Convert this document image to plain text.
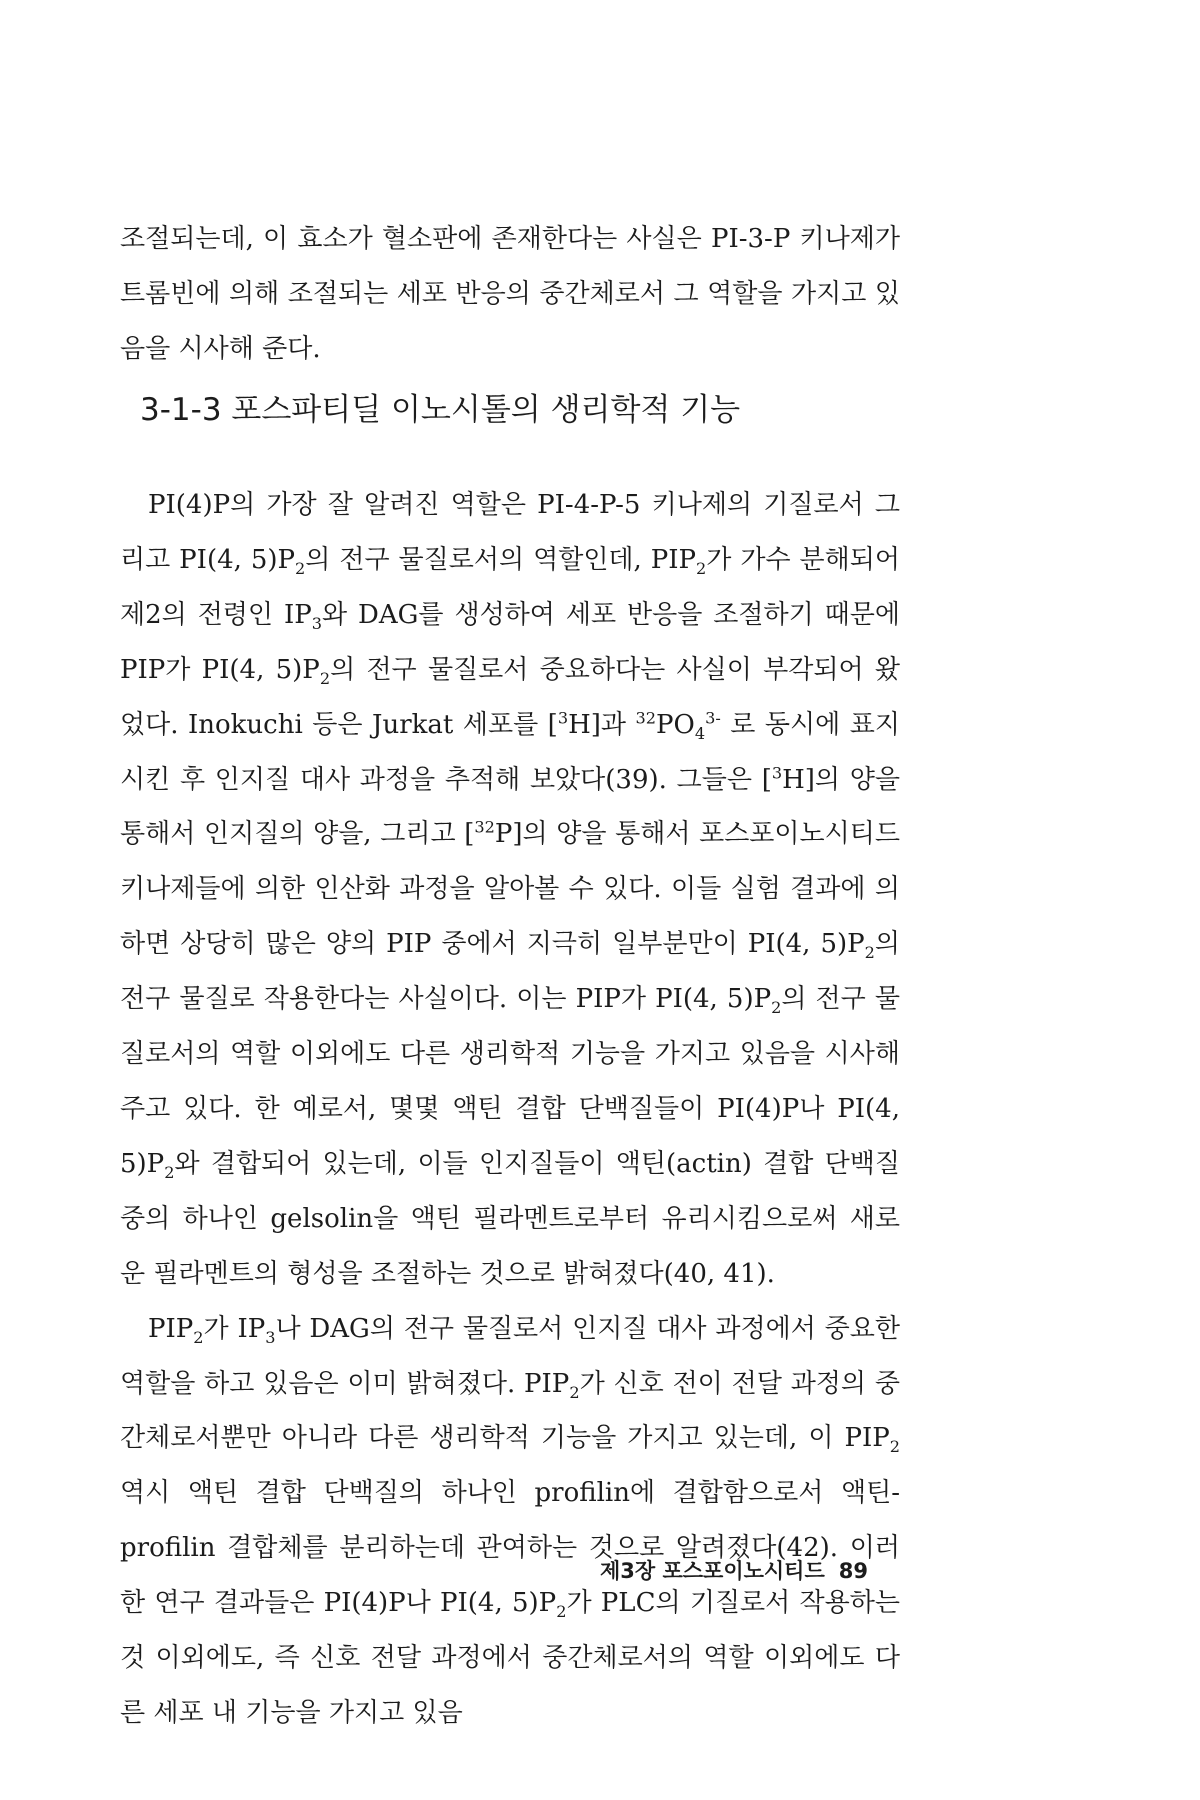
조절되는데, 이 효소가 혈소판에 존재한다는 사실은 PI-3-P 키나제가 트롬빈에 의해 조절되는 세포 반응의 중간체로서 그 역할을 가지고 있음을 시사해 준다.
3-1-3 포스파티딜 이노시톨의 생리학적 기능

PI(4)P의 가장 잘 알려진 역할은 PI-4-P-5 키나제의 기질로서 그리고 PI(4, $5)P_2$의 전구 물질로서의 역할인데, $PIP_2$가 가수 분해되어 제2의 전령인 $IP_3$와 DAG를 생성하여 세포 반응을 조절하기 때문에 PIP가 PI(4, $5)P_2$의 전구 물질로서 중요하다는 사실이 부각되어 왔었다. Inokuchi 등은 Jurkat 세포를 [$^3$H]과 $^{32}PO_4^{3-}$ 로 동시에 표지시킨 후 인지질 대사 과정을 추적해 보았다(39). 그들은 [$^3$H]의 양을 통해서 인지질의 양을, 그리고 [$^{32}$P]의 양을 통해서 포스포이노시티드 키나제들에 의한 인산화 과정을 알아볼 수 있다. 이들 실험 결과에 의하면 상당히 많은 양의 PIP 중에서 지극히 일부분만이 PI(4, $5)P_2$의 전구 물질로 작용한다는 사실이다. 이는 PIP가 PI(4, $5)P_2$의 전구 물질로서의 역할 이외에도 다른 생리학적 기능을 가지고 있음을 시사해 주고 있다. 한 예로서, 몇몇 액틴 결합 단백질들이 PI(4)P나 PI(4, $5)P_2$와 결합되어 있는데, 이들 인지질들이 액틴(actin) 결합 단백질 중의 하나인 gelsolin을 액틴 필라멘트로부터 유리시킴으로써 새로운 필라멘트의 형성을 조절하는 것으로 밝혀졌다(40, 41).

$PIP_2$가 $IP_3$나 DAG의 전구 물질로서 인지질 대사 과정에서 중요한 역할을 하고 있음은 이미 밝혀졌다. $PIP_2$가 신호 전이 전달 과정의 중간체로서뿐만 아니라 다른 생리학적 기능을 가지고 있는데, 이 $PIP_2$ 역시 액틴 결합 단백질의 하나인 profilin에 결합함으로서 액틴-profilin 결합체를 분리하는데 관여하는 것으로 알려졌다(42). 이러한 연구 결과들은 PI(4)P나 PI(4, $5)P_2$가 PLC의 기질로서 작용하는 것 이외에도, 즉 신호 전달 과정에서 중간체로서의 역할 이외에도 다른 세포 내 기능을 가지고 있음

제3장 포스포이노시티드 89
